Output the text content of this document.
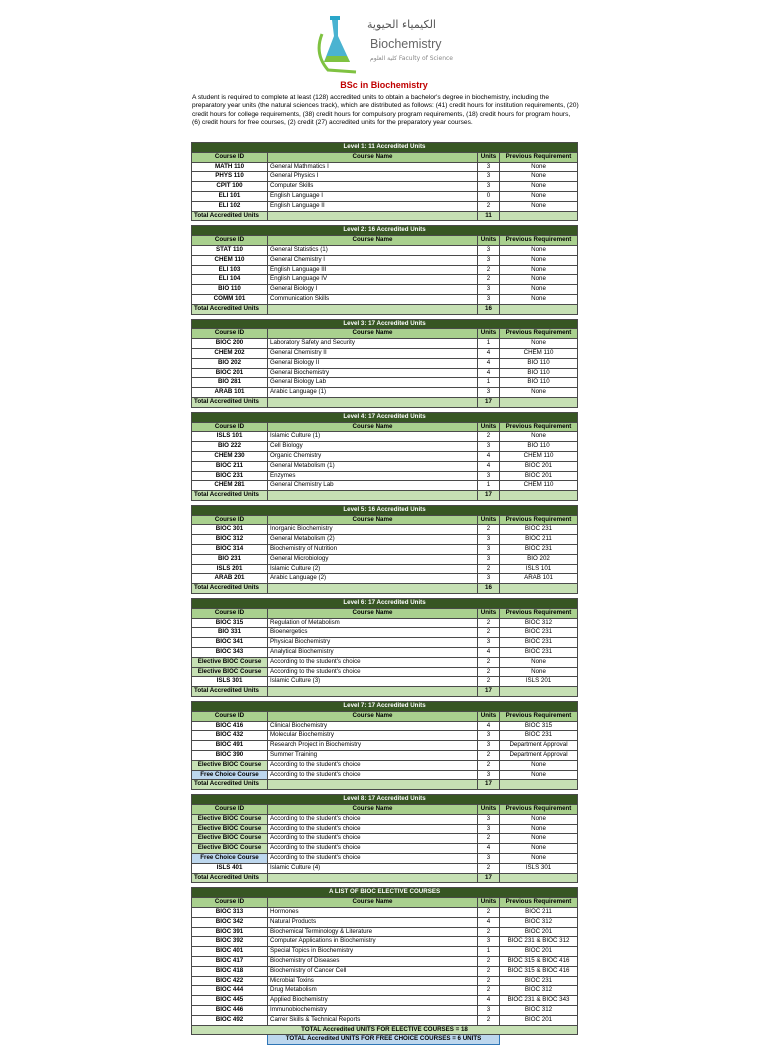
الكيمياء الحيوية
Biochemistry
كلية العلوم Faculty of Science
BSc in Biochemistry
A student is required to complete at least (128) accredited units to obtain a bachelor's degree in biochemistry, including the preparatory year units (the natural sciences track), which are distributed as follows: (41) credit hours for institution requirements, (20) credit hours for college requirements, (38) credit hours for compulsory program requirements, (18) credit hours for program hours, (6) credit hours for free courses, (2) credit (27) accredited units for the preparatory year courses.
Level 1: 11 Accredited Units			
Course ID	Course Name	Units	Previous Requirement
MATH 110	General Mathmatics I	3	None
PHYS 110	General Physics I	3	None
CPIT 100	Computer Skills	3	None
ELI 101	English Language I	0	None
ELI 102	English Language II	2	None
Total Accredited Units		11	

Level 2: 16 Accredited Units			
Course ID	Course Name	Units	Previous Requirement
STAT 110	General Statistics (1)	3	None
CHEM 110	General Chemistry I	3	None
ELI 103	English Language III	2	None
ELI 104	English Language IV	2	None
BIO 110	General Biology I	3	None
COMM 101	Communication Skills	3	None
Total Accredited Units		16	

Level 3: 17 Accredited Units			
Course ID	Course Name	Units	Previous Requirement
BIOC 200	Laboratory Safety and Security	1	None
CHEM 202	General Chemistry II	4	CHEM 110
BIO 202	General Biology II	4	BIO 110
BIOC 201	General Biochemistry	4	BIO 110
BIO 281	General Biology Lab	1	BIO 110
ARAB 101	Arabic Language (1)	3	None
Total Accredited Units		17	

Level 4: 17 Accredited Units			
Course ID	Course Name	Units	Previous Requirement
ISLS 101	Islamic Culture (1)	2	None
BIO 222	Cell Biology	3	BIO 110
CHEM 230	Organic Chemistry	4	CHEM 110
BIOC 211	General Metabolism (1)	4	BIOC 201
BIOC 231	Enzymes	3	BIOC 201
CHEM 281	General Chemistry Lab	1	CHEM 110
Total Accredited Units		17	

Level 5: 16 Accredited Units			
Course ID	Course Name	Units	Previous Requirement
BIOC 301	Inorganic Biochemistry	2	BIOC 231
BIOC 312	General Metabolism (2)	3	BIOC 211
BIOC 314	Biochemistry of Nutrition	3	BIOC 231
BIO 231	General Microbiology	3	BIO 202
ISLS 201	Islamic Culture (2)	2	ISLS 101
ARAB 201	Arabic Language (2)	3	ARAB 101
Total Accredited Units		16	

Level 6: 17 Accredited Units			
Course ID	Course Name	Units	Previous Requirement
BIOC 315	Regulation of Metabolism	2	BIOC 312
BIO 331	Bioenergetics	2	BIOC 231
BIOC 341	Physical Biochemistry	3	BIOC 231
BIOC 343	Analytical Biochemistry	4	BIOC 231
Elective BIOC Course	According to the student's choice	2	None
Elective BIOC Course	According to the student's choice	2	None
ISLS 301	Islamic Culture (3)	2	ISLS 201
Total Accredited Units		17	

Level 7: 17 Accredited Units			
Course ID	Course Name	Units	Previous Requirement
BIOC 416	Clinical Biochemistry	4	BIOC 315
BIOC 432	Molecular Biochemistry	3	BIOC 231
BIOC 491	Research Project in Biochemistry	3	Department Approval
BIOC 390	Summer Training	2	Department Approval
Elective BIOC Course	According to the student's choice	2	None
Free Choice Course	According to the student's choice	3	None
Total Accredited Units		17	

Level 8: 17 Accredited Units			
Course ID	Course Name	Units	Previous Requirement
Elective BIOC Course	According to the student's choice	3	None
Elective BIOC Course	According to the student's choice	3	None
Elective BIOC Course	According to the student's choice	2	None
Elective BIOC Course	According to the student's choice	4	None
Free Choice Course	According to the student's choice	3	None
ISLS 401	Islamic Culture (4)	2	ISLS 301
Total Accredited Units		17	

A LIST OF BIOC ELECTIVE COURSES			
Course ID	Course Name	Units	Previous Requirement
BIOC 313	Hormones	2	BIOC 211
BIOC 342	Natural Products	4	BIOC 312
BIOC 391	Biochemical Terminology & Literature	2	BIOC 201
BIOC 392	Computer Applications in Biochemistry	3	BIOC 231 & BIOC 312
BIOC 401	Special Topics in Biochemistry	1	BIOC 201
BIOC 417	Biochemistry of Diseases	2	BIOC 315 & BIOC 416
BIOC 418	Biochemistry of Cancer Cell	2	BIOC 315 & BIOC 416
BIOC 422	Microbial Toxins	2	BIOC 231
BIOC 444	Drug Metabolism	2	BIOC 312
BIOC 445	Applied Biochemistry	4	BIOC 231 & BIOC 343
BIOC 446	Immunobiochemistry	3	BIOC 312
BIOC 492	Carrer Skills & Technical Reports	2	BIOC 201
TOTAL Accredited UNITS FOR ELECTIVE COURSES = 18			
	TOTAL Accredited UNITS FOR FREE CHOICE COURSES = 6 UNITS		
